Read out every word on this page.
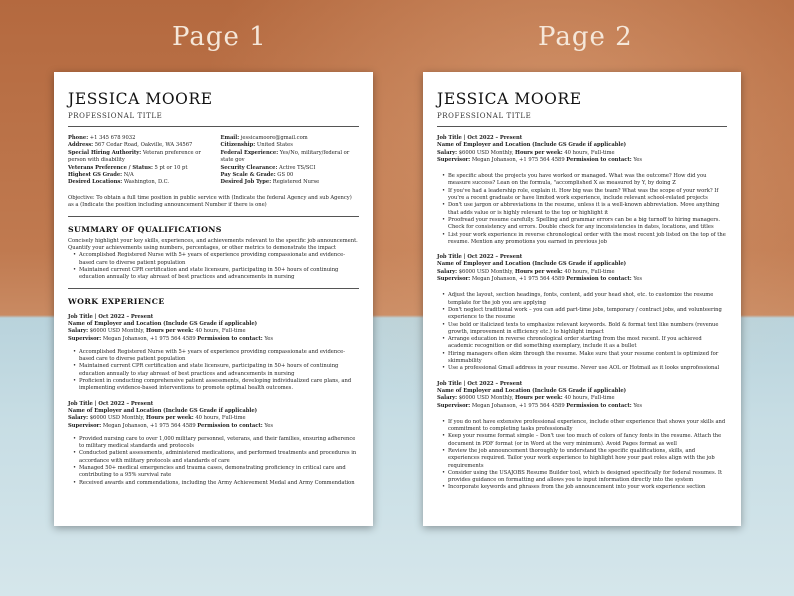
Page 1	Page 2
JESSICA MOORE
PROFESSIONAL TITLE
Phone: +1 345 678 9032
Address: 567 Cedar Road, Oakville, WA 34567
Special Hiring Authority: Veteran preference or person with disability
Veterans Preference / Status: 5 pt or 10 pt
Highest GS Grade: N/A
Desired Locations: Washington, D.C.
Email: jessicamoore@gmail.com
Citizenship: United States
Federal Experience: Yes/No, military/federal or state gov
Security Clearance: Active TS/SCI
Pay Scale & Grade: GS 00
Desired Job Type: Registered Nurse
Objective: To obtain a full time position in public service with (Indicate the federal Agency and sub Agency) as a (Indicate the position including announcement Number if there is one)
SUMMARY OF QUALIFICATIONS
Concisely highlight your key skills, experiences, and achievements relevant to the specific job announcement. Quantify your achievements using numbers, percentages, or other metrics to demonstrate the impact
• Accomplished Registered Nurse with 5+ years of experience providing compassionate and evidence-based care to diverse patient population
• Maintained current CPR certification and state licensure, participating in 50+ hours of continuing education annually to stay abreast of best practices and advancements in nursing
WORK EXPERIENCE
Job Title | Oct 2022 – Present
Name of Employer and Location (Include GS Grade if applicable)
Salary: $6000 USD Monthly, Hours per week: 40 hours, Full-time
Supervisor: Megan Johanson, +1 975 564 4589 Permission to contact: Yes
• Accomplished Registered Nurse with 5+ years of experience providing compassionate and evidence-based care to diverse patient population
• Maintained current CPR certification and state licensure, participating in 50+ hours of continuing education annually to stay abreast of best practices and advancements in nursing
• Proficient in conducting comprehensive patient assessments, developing individualized care plans, and implementing evidence-based interventions to promote optimal health outcomes.
Job Title | Oct 2022 – Present
Name of Employer and Location (Include GS Grade if applicable)
Salary: $6000 USD Monthly, Hours per week: 40 hours, Full-time
Supervisor: Megan Johanson, +1 975 564 4589 Permission to contact: Yes
• Provided nursing care to over 1,000 military personnel, veterans, and their families, ensuring adherence to military medical standards and protocols
• Conducted patient assessments, administered medications, and performed treatments and procedures in accordance with military protocols and standards of care
• Managed 50+ medical emergencies and trauma cases, demonstrating proficiency in critical care and contributing to a 95% survival rate
• Received awards and commendations, including the Army Achievement Medal and Army Commendation
JESSICA MOORE
PROFESSIONAL TITLE
Job Title | Oct 2022 – Present
Name of Employer and Location (Include GS Grade if applicable)
Salary: $6000 USD Monthly, Hours per week: 40 hours, Full-time
Supervisor: Megan Johanson, +1 975 564 4589 Permission to contact: Yes
• Be specific about the projects you have worked or managed. What was the outcome? How did you measure success? Lean on the formula, "accomplished X as measured by Y, by doing Z
• If you've had a leadership role, explain it. How big was the team? What was the scope of your work? If you're a recent graduate or have limited work experience, include relevant school-related projects
• Don't use jargon or abbreviations in the resume, unless it is a well-known abbreviation. Move anything that adds value or is highly relevant to the top or highlight it
• Proofread your resume carefully. Spelling and grammar errors can be a big turnoff to hiring managers. Check for consistency and errors. Double check for any inconsistencies in dates, locations, and titles
• List your work experience in reverse chronological order with the most recent job listed on the top of the resume. Mention any promotions you earned in previous job
Job Title | Oct 2022 – Present
Name of Employer and Location (Include GS Grade if applicable)
Salary: $6000 USD Monthly, Hours per week: 40 hours, Full-time
Supervisor: Megan Johanson, +1 975 564 4589 Permission to contact: Yes
• Adjust the layout, section headings, fonts, content, add your head shot, etc. to customize the resume template for the job you are applying
• Don't neglect traditional work – you can add part-time jobs, temporary / contract jobs, and volunteering experience to the resume
• Use bold or italicized texts to emphasize relevant keywords. Bold & format text like numbers (revenue growth, improvement in efficiency etc.) to highlight impact
• Arrange education in reverse chronological order starting from the most recent. If you achieved academic recognition or did something exemplary, include it as a bullet
• Hiring managers often skim through the resume. Make sure that your resume content is optimized for skimmability
• Use a professional Gmail address in your resume. Never use AOL or Hotmail as it looks unprofessional
Job Title | Oct 2022 – Present
Name of Employer and Location (Include GS Grade if applicable)
Salary: $6000 USD Monthly, Hours per week: 40 hours, Full-time
Supervisor: Megan Johanson, +1 975 564 4589 Permission to contact: Yes
• If you do not have extensive professional experience, include other experience that shows your skills and commitment to completing tasks professionally
• Keep your resume format simple – Don't use too much of colors of fancy fonts in the resume. Attach the document in PDF format (or in Word at the very minimum). Avoid Pages format as well
• Review the job announcement thoroughly to understand the specific qualifications, skills, and experiences required. Tailor your work experience to highlight how your past roles align with the job requirements
• Consider using the USAJOBS Resume Builder tool, which is designed specifically for federal resumes. It provides guidance on formatting and allows you to input information directly into the system
• Incorporate keywords and phrases from the job announcement into your work experience section
